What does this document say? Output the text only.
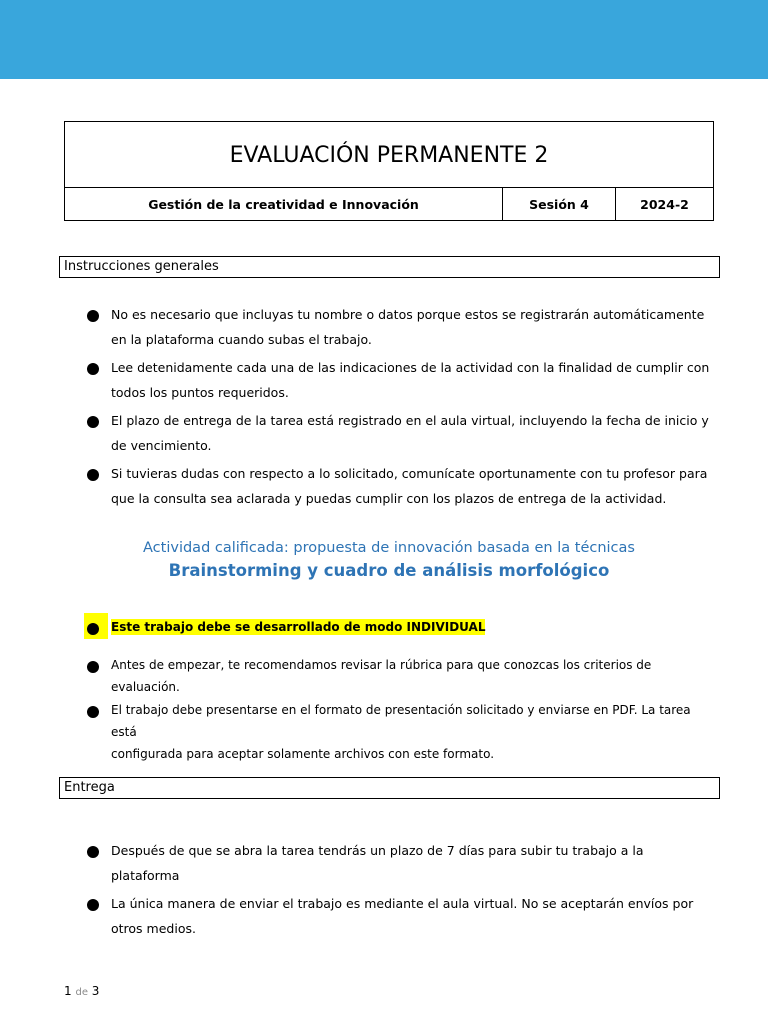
EVALUACIÓN PERMANENTE 2
Gestión de la creatividad e Innovación	Sesión 4	2024-2
Instrucciones generales
No es necesario que incluyas tu nombre o datos porque estos se registrarán automáticamente
en la plataforma cuando subas el trabajo.
Lee detenidamente cada una de las indicaciones de la actividad con la finalidad de cumplir con
todos los puntos requeridos.
El plazo de entrega de la tarea está registrado en el aula virtual, incluyendo la fecha de inicio y
de vencimiento.
Si tuvieras dudas con respecto a lo solicitado, comunícate oportunamente con tu profesor para
que la consulta sea aclarada y puedas cumplir con los plazos de entrega de la actividad.
Actividad calificada: propuesta de innovación basada en la técnicas
Brainstorming y cuadro de análisis morfológico
Este trabajo debe se desarrollado de modo INDIVIDUAL
Antes de empezar, te recomendamos revisar la rúbrica para que conozcas los criterios de evaluación.
El trabajo debe presentarse en el formato de presentación solicitado y enviarse en PDF. La tarea está
configurada para aceptar solamente archivos con este formato.
Entrega
Después de que se abra la tarea tendrás un plazo de 7 días para subir tu trabajo a la plataforma
La única manera de enviar el trabajo es mediante el aula virtual. No se aceptarán envíos por
otros medios.
1 de 3
